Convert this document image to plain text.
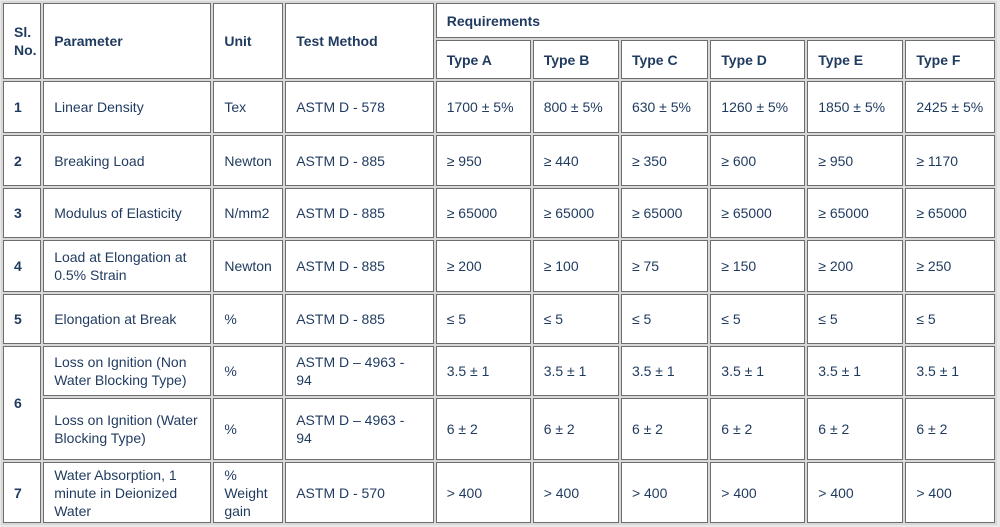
Sl. No.	Parameter	Unit	Test Method	Requirements					
				Type A	Type B	Type C	Type D	Type E	Type F
1	Linear Density	Tex	ASTM D - 578	1700 ± 5%	800 ± 5%	630 ± 5%	1260 ± 5%	1850 ± 5%	2425 ± 5%
2	Breaking Load	Newton	ASTM D - 885	≥ 950	≥ 440	≥ 350	≥ 600	≥ 950	≥ 1170
3	Modulus of Elasticity	N/mm2	ASTM D - 885	≥ 65000	≥ 65000	≥ 65000	≥ 65000	≥ 65000	≥ 65000
4	Load at Elongation at 0.5% Strain	Newton	ASTM D - 885	≥ 200	≥ 100	≥ 75	≥ 150	≥ 200	≥ 250
5	Elongation at Break	%	ASTM D - 885	≤ 5	≤ 5	≤ 5	≤ 5	≤ 5	≤ 5
6	Loss on Ignition (Non Water Blocking Type)	%	ASTM D – 4963 - 94	3.5 ± 1	3.5 ± 1	3.5 ± 1	3.5 ± 1	3.5 ± 1	3.5 ± 1
	Loss on Ignition (Water Blocking Type)	%	ASTM D – 4963 - 94	6 ± 2	6 ± 2	6 ± 2	6 ± 2	6 ± 2	6 ± 2
7	Water Absorption, 1 minute in Deionized Water	% Weight gain	ASTM D - 570	> 400	> 400	> 400	> 400	> 400	> 400
